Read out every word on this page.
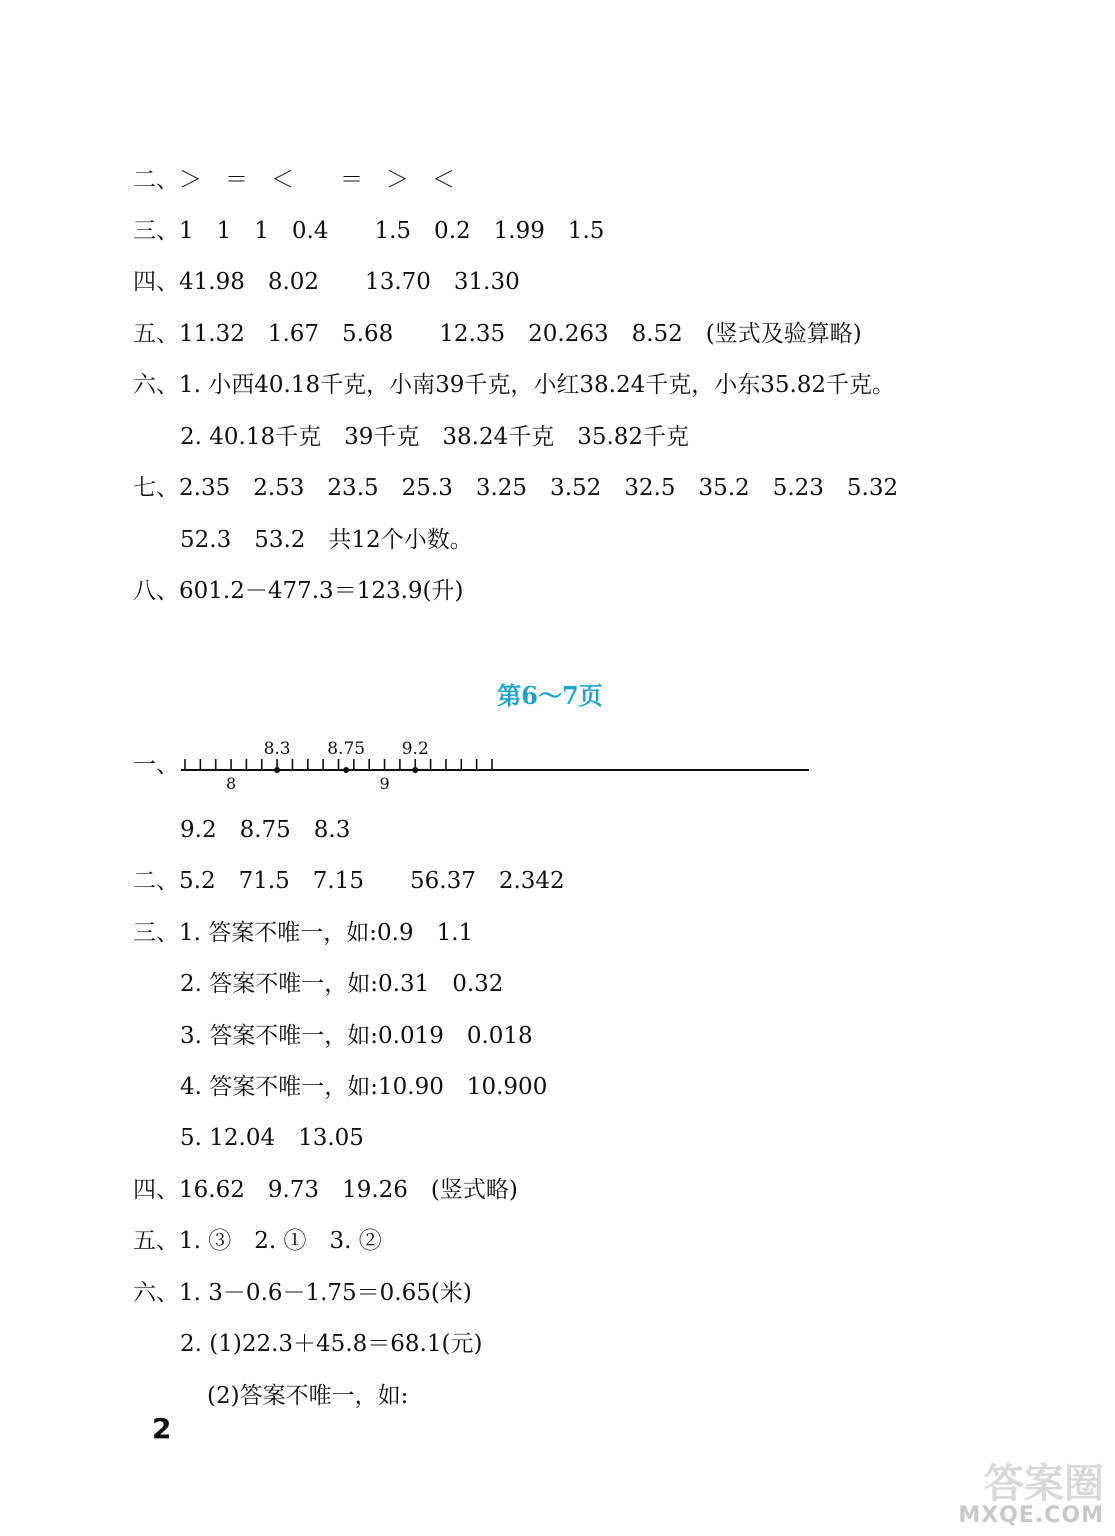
二、＞　＝　＜　　＝　＞　＜
三、1　1　1　0.4　　1.5　0.2　1.99　1.5
四、41.98　8.02　　13.70　31.30
五、11.32　1.67　5.68　　12.35　20.263　8.52　(竖式及验算略)
六、1. 小西40.18千克，小南39千克，小红38.24千克，小东35.82千克。
2. 40.18千克　39千克　38.24千克　35.82千克
七、2.35　2.53　23.5　25.3　3.25　3.52　32.5　35.2　5.23　5.32
52.3　53.2　共12个小数。
八、601.2－477.3＝123.9(升)
第6～7页
一、
8	9
8.3 8.75 9.2
9.2　8.75　8.3
二、5.2　71.5　7.15　　56.37　2.342
三、1. 答案不唯一，如:0.9　1.1
2. 答案不唯一，如:0.31　0.32
3. 答案不唯一，如:0.019　0.018
4. 答案不唯一，如:10.90　10.900
5. 12.04　13.05
四、16.62　9.73　19.26　(竖式略)
五、1. ③　2. ①　3. ②
六、1. 3－0.6－1.75＝0.65(米)
2. (1)22.3＋45.8＝68.1(元)
(2)答案不唯一，如:
2
答案圈
MXQE.COM
